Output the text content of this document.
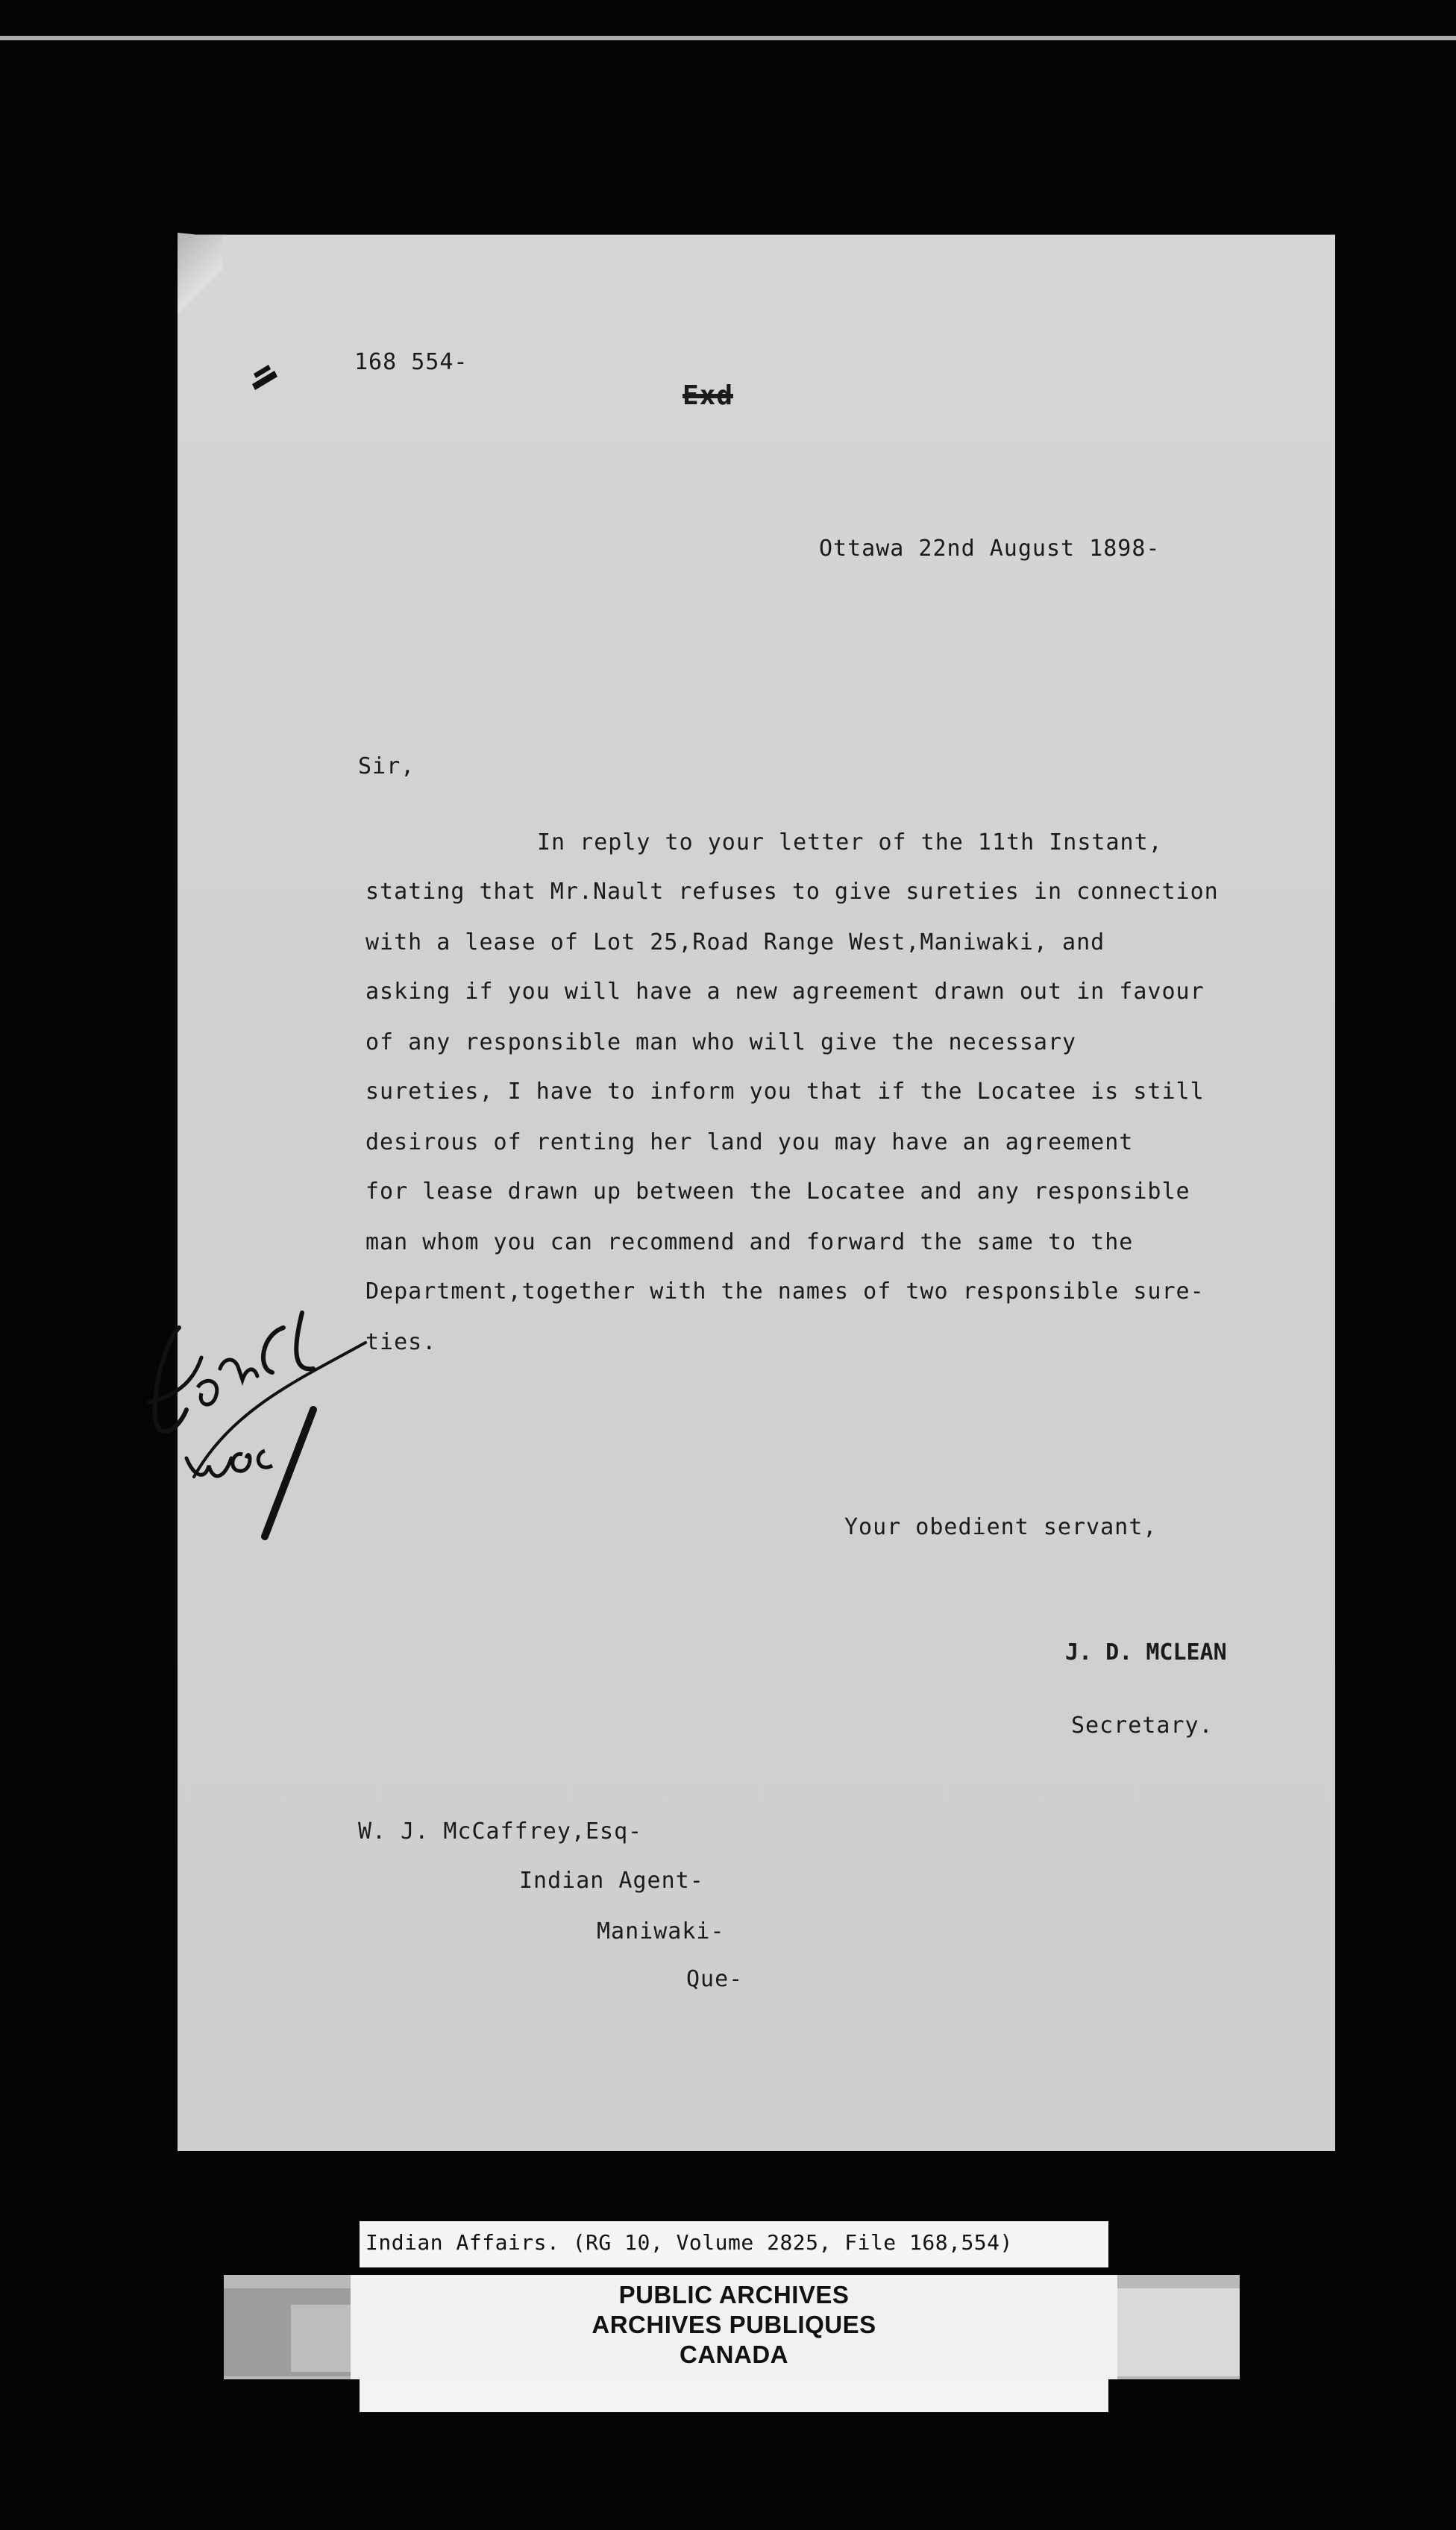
168 554-
Exd
Ottawa 22nd August 1898-
Sir,
In reply to your letter of the 11th Instant,
stating that Mr.Nault refuses to give sureties in connection
with a lease of Lot 25,Road Range West,Maniwaki, and
asking if you will have a new agreement drawn out in favour
of any responsible man who will give the necessary
sureties, I have to inform you that if the Locatee is still
desirous of renting her land you may have an agreement
for lease drawn up between the Locatee and any responsible
man whom you can recommend and forward the same to the
Department,together with the names of two responsible sure-
ties.
Your obedient servant,
J. D. MCLEAN
Secretary.
W. J. McCaffrey,Esq-
Indian Agent-
Maniwaki-
Que-
Indian Affairs. (RG 10, Volume 2825, File 168,554)
PUBLIC ARCHIVES
ARCHIVES PUBLIQUES
CANADA
